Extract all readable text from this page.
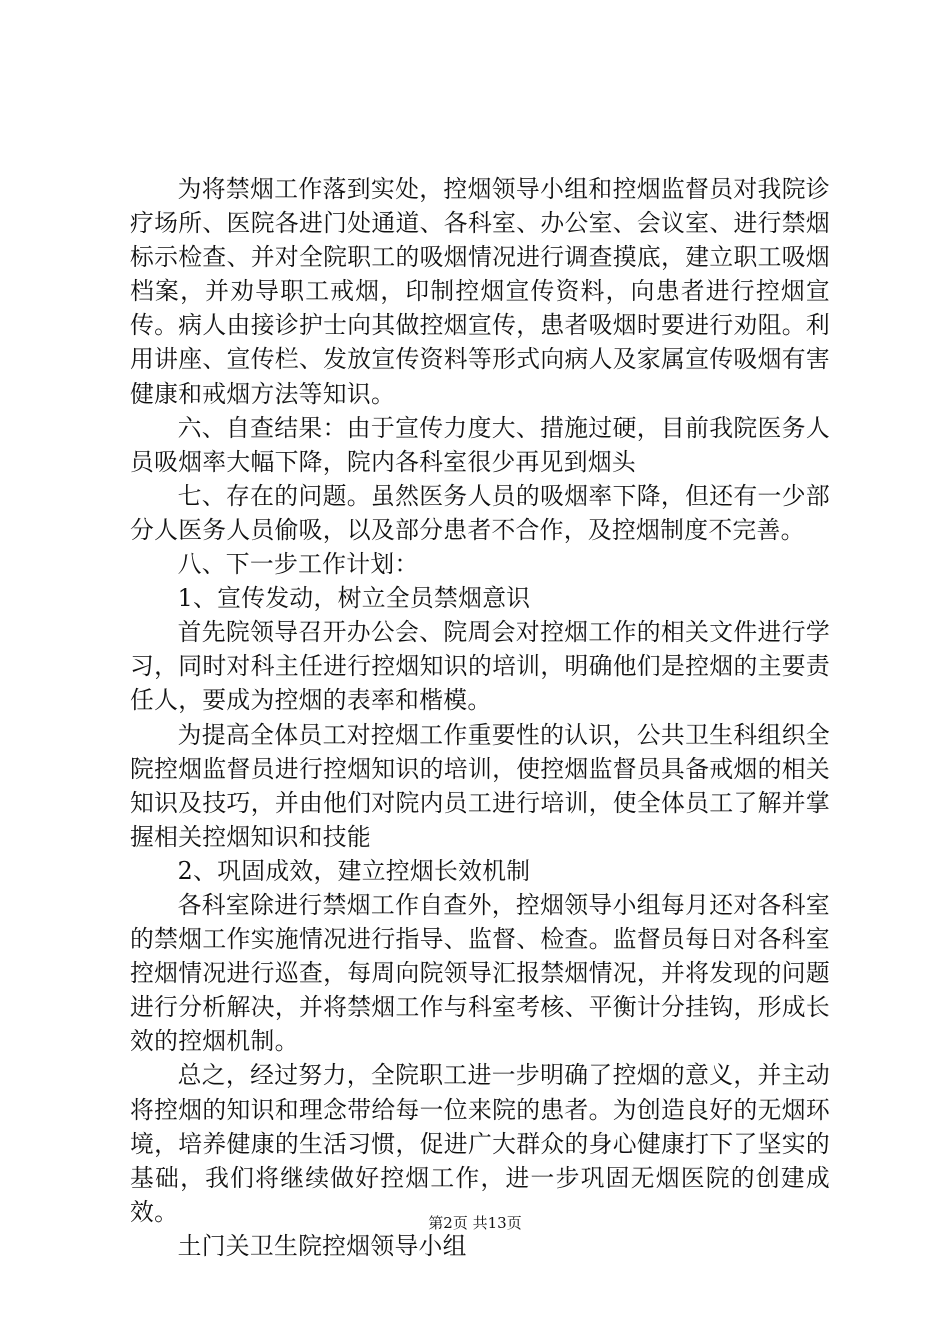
为将禁烟工作落到实处，控烟领导小组和控烟监督员对我院诊疗场所、医院各进门处通道、各科室、办公室、会议室、进行禁烟标示检查、并对全院职工的吸烟情况进行调查摸底，建立职工吸烟档案，并劝导职工戒烟，印制控烟宣传资料，向患者进行控烟宣传。病人由接诊护士向其做控烟宣传，患者吸烟时要进行劝阻。利用讲座、宣传栏、发放宣传资料等形式向病人及家属宣传吸烟有害健康和戒烟方法等知识。

六、自查结果：由于宣传力度大、措施过硬，目前我院医务人员吸烟率大幅下降，院内各科室很少再见到烟头

七、存在的问题。虽然医务人员的吸烟率下降，但还有一少部分人医务人员偷吸，以及部分患者不合作，及控烟制度不完善。

八、下一步工作计划：

1、宣传发动，树立全员禁烟意识

首先院领导召开办公会、院周会对控烟工作的相关文件进行学习，同时对科主任进行控烟知识的培训，明确他们是控烟的主要责任人，要成为控烟的表率和楷模。

为提高全体员工对控烟工作重要性的认识，公共卫生科组织全院控烟监督员进行控烟知识的培训，使控烟监督员具备戒烟的相关知识及技巧，并由他们对院内员工进行培训，使全体员工了解并掌握相关控烟知识和技能

2、巩固成效，建立控烟长效机制

各科室除进行禁烟工作自查外，控烟领导小组每月还对各科室的禁烟工作实施情况进行指导、监督、检查。监督员每日对各科室控烟情况进行巡查，每周向院领导汇报禁烟情况，并将发现的问题进行分析解决，并将禁烟工作与科室考核、平衡计分挂钩，形成长效的控烟机制。

总之，经过努力，全院职工进一步明确了控烟的意义，并主动将控烟的知识和理念带给每一位来院的患者。为创造良好的无烟环境，培养健康的生活习惯，促进广大群众的身心健康打下了坚实的基础，我们将继续做好控烟工作，进一步巩固无烟医院的创建成效。

土门关卫生院控烟领导小组

第2页 共13页
